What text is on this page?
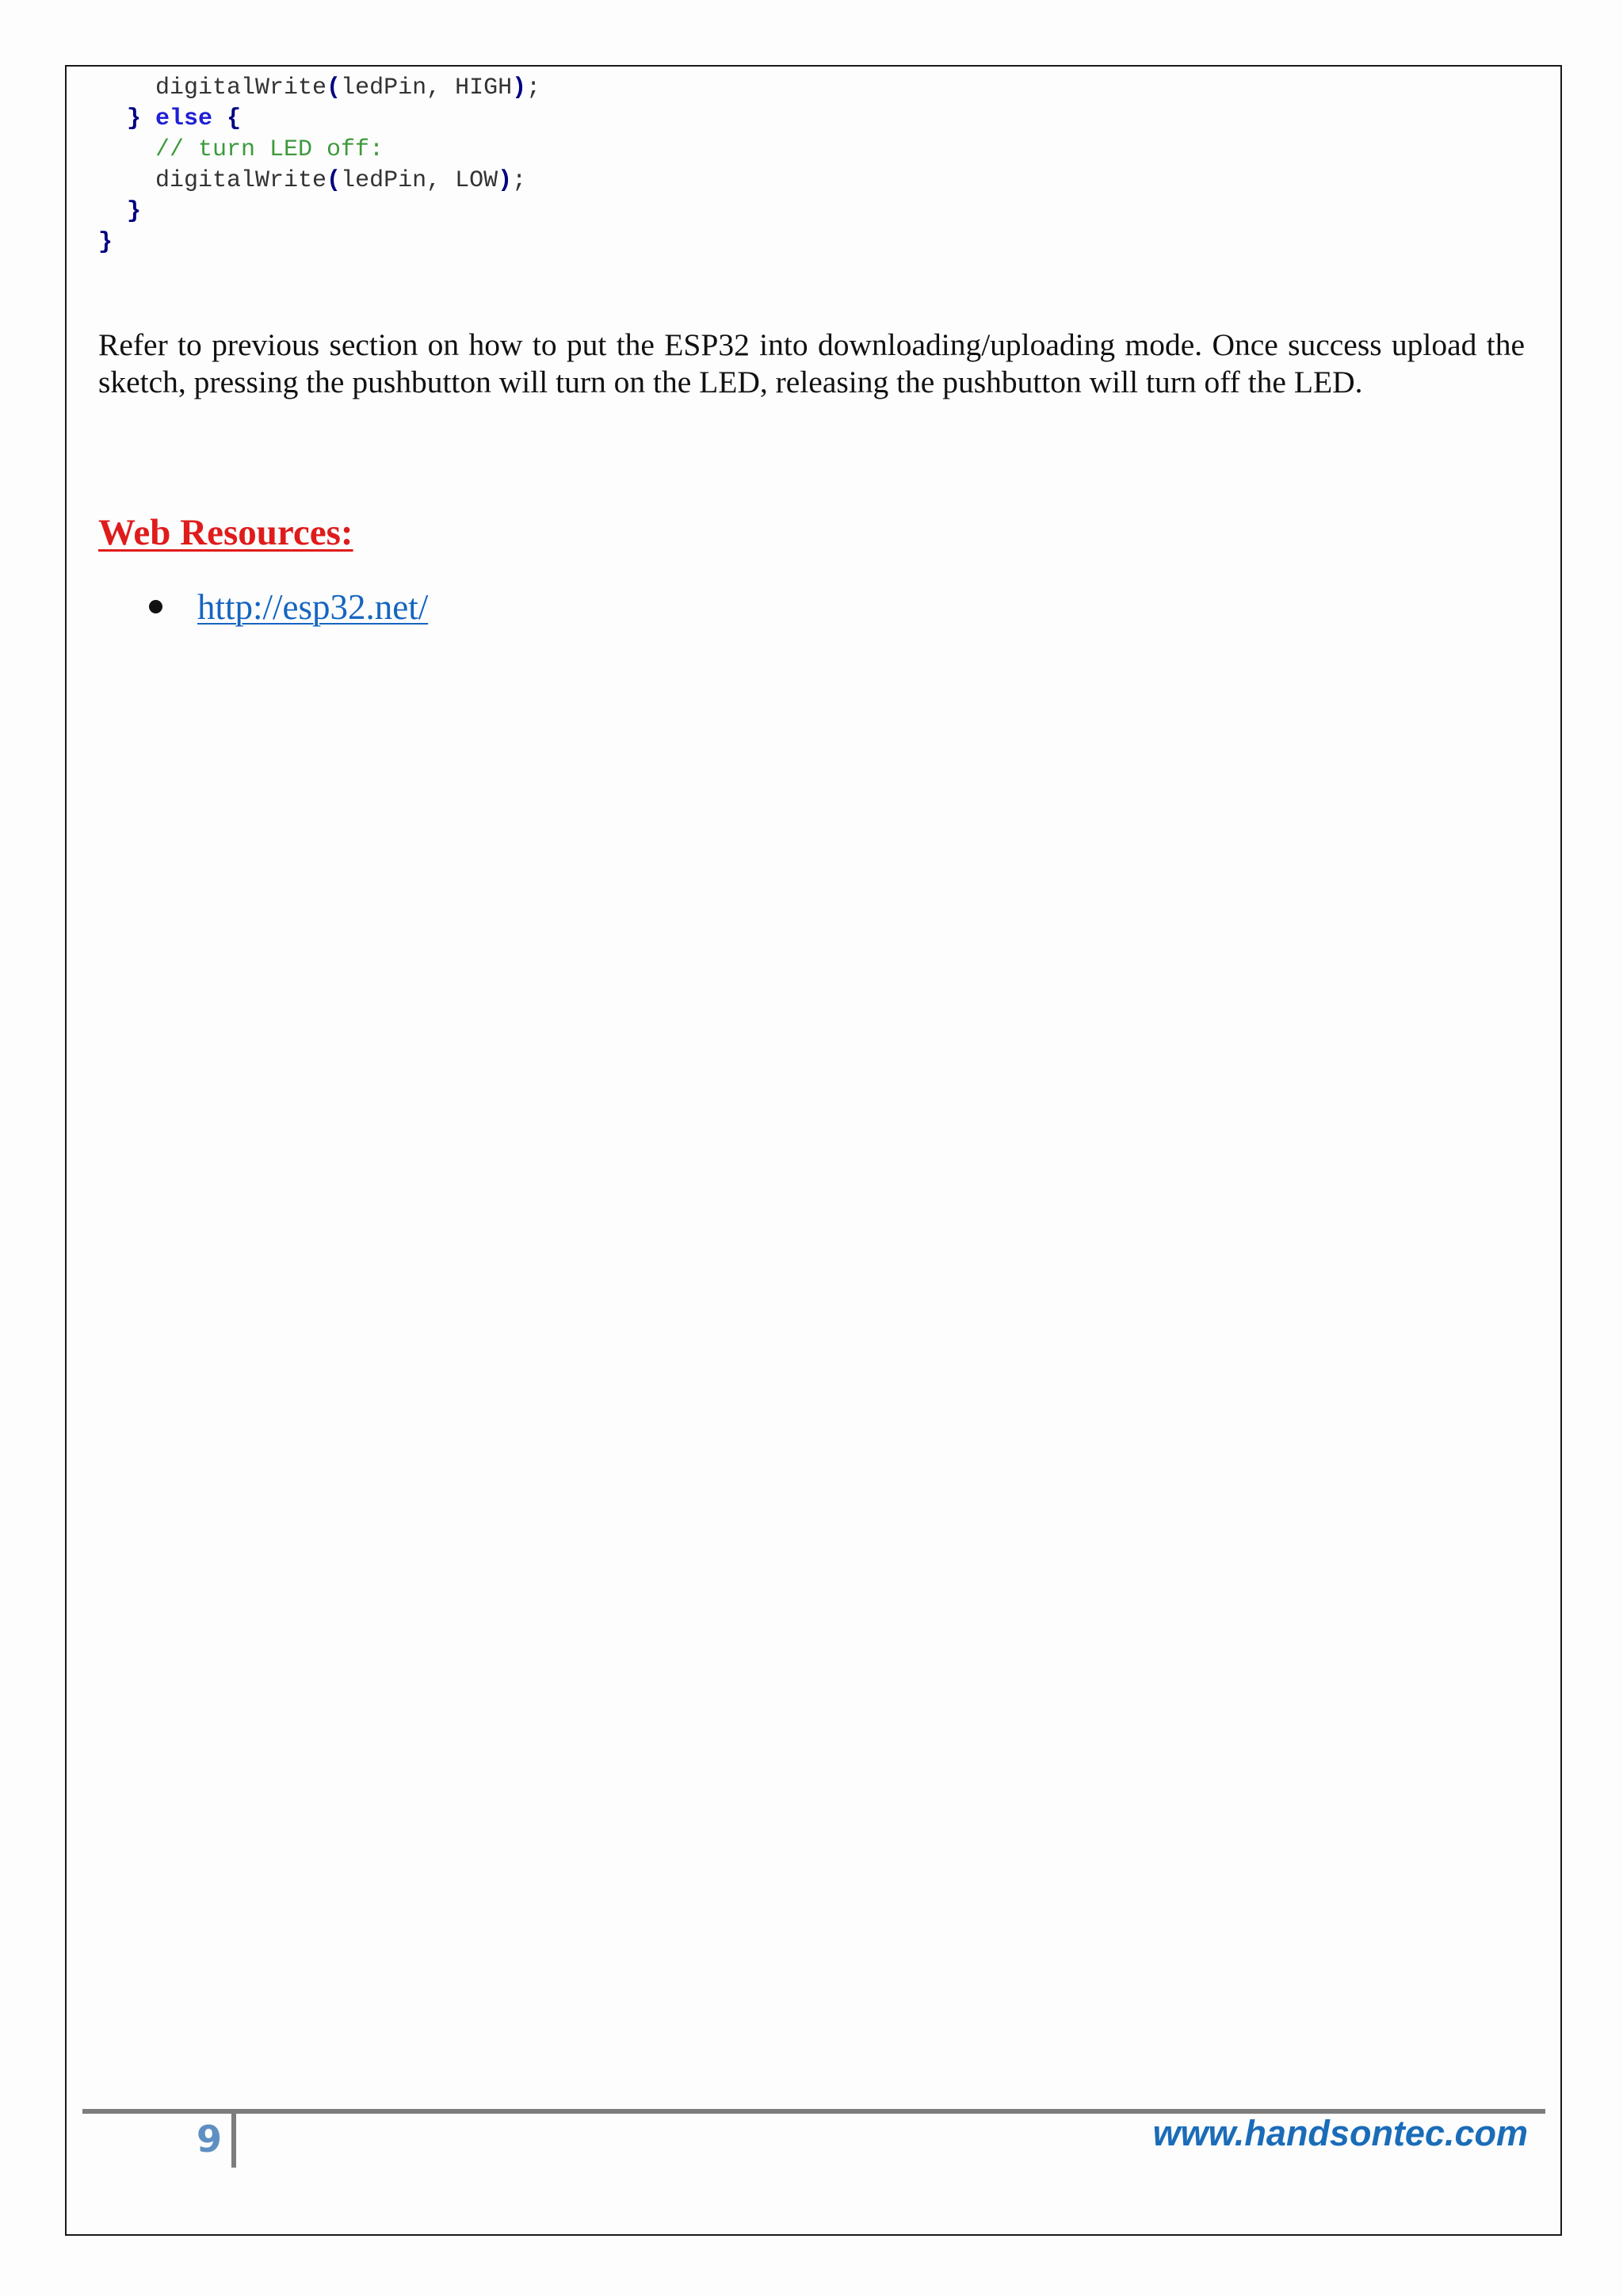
digitalWrite(ledPin, HIGH);
} else {
// turn LED off:
digitalWrite(ledPin, LOW);
}
}

Refer to previous section on how to put the ESP32 into downloading/uploading mode. Once success upload the sketch, pressing the pushbutton will turn on the LED, releasing the pushbutton will turn off the LED.

Web Resources:
http://esp32.net/
9	www.handsontec.com
